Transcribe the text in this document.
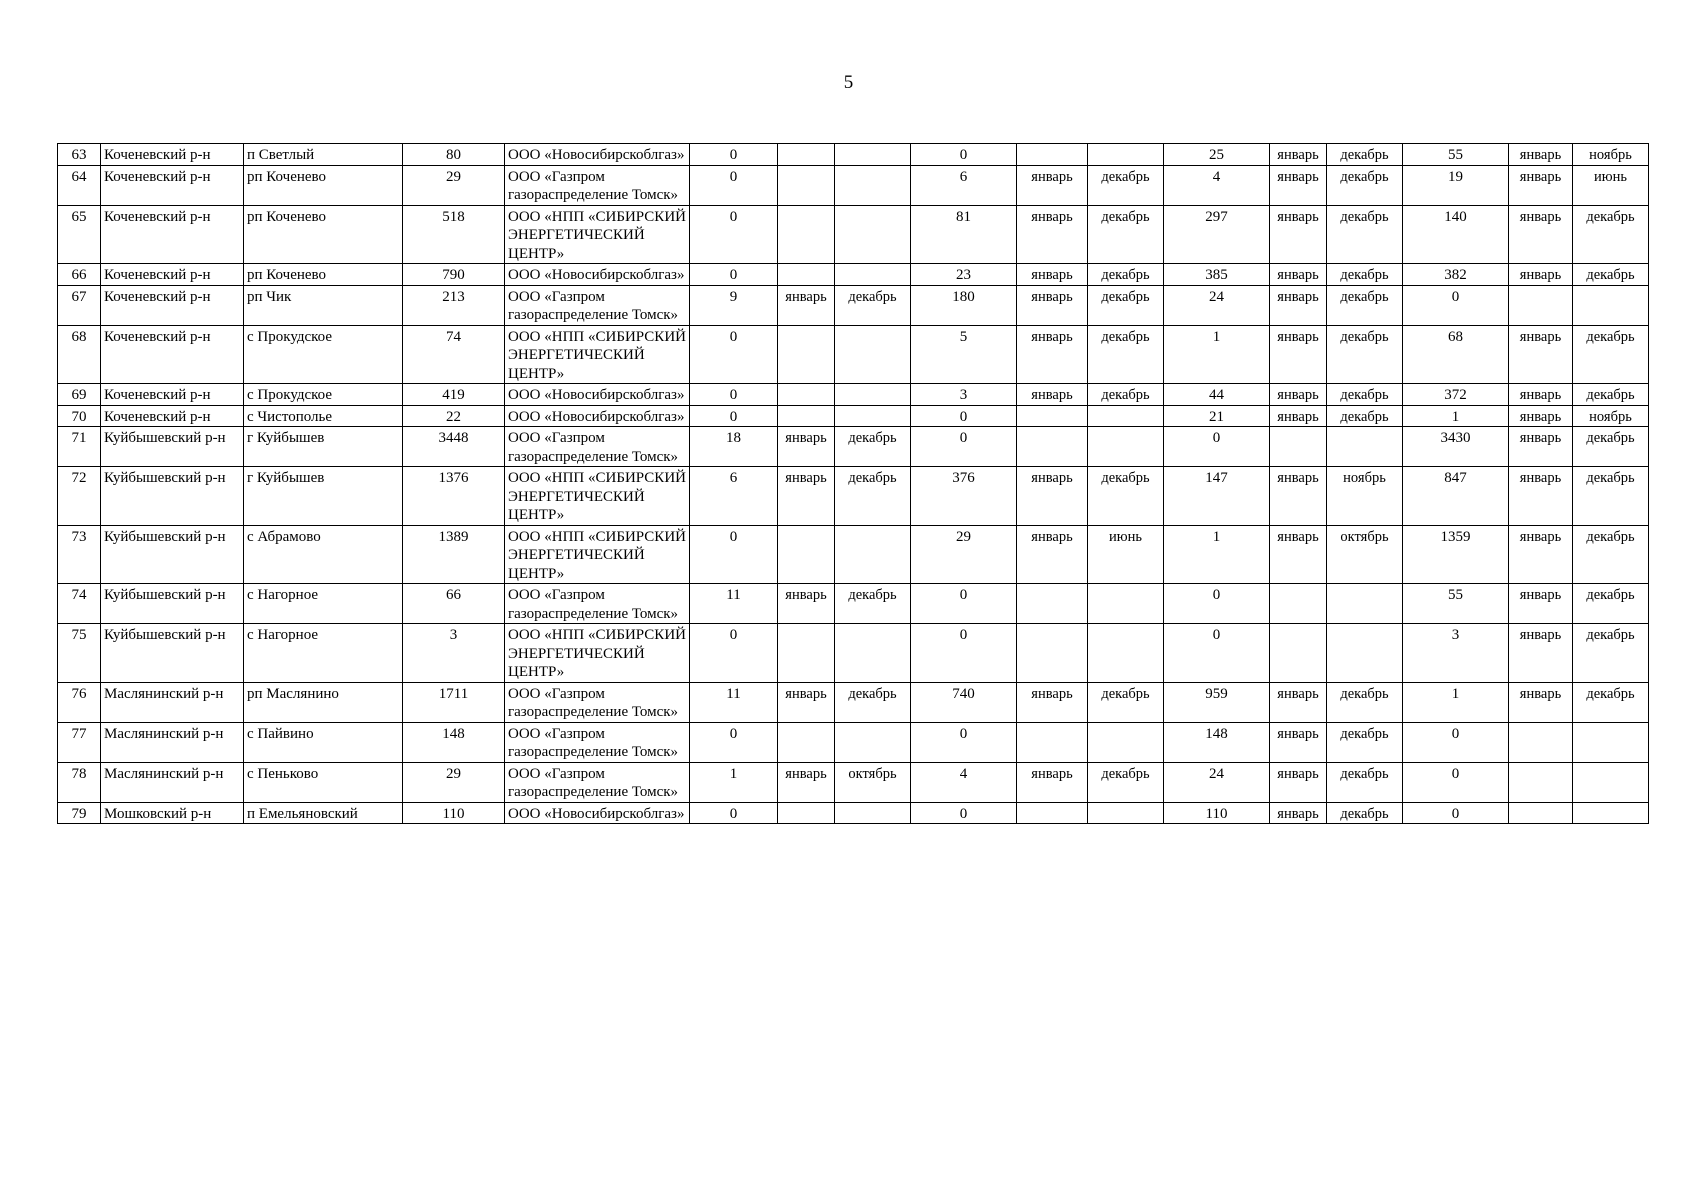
5
63	Коченевский р-н	п Светлый	80	ООО «Новосибирскоблгаз»	0			0			25	январь	декабрь	55	январь	ноябрь
64	Коченевский р-н	рп Коченево	29	ООО «Газпром газораспределение Томск»	0			6	январь	декабрь	4	январь	декабрь	19	январь	июнь
65	Коченевский р-н	рп Коченево	518	ООО «НПП «СИБИРСКИЙ ЭНЕРГЕТИЧЕСКИЙ ЦЕНТР»	0			81	январь	декабрь	297	январь	декабрь	140	январь	декабрь
66	Коченевский р-н	рп Коченево	790	ООО «Новосибирскоблгаз»	0			23	январь	декабрь	385	январь	декабрь	382	январь	декабрь
67	Коченевский р-н	рп Чик	213	ООО «Газпром газораспределение Томск»	9	январь	декабрь	180	январь	декабрь	24	январь	декабрь	0		
68	Коченевский р-н	с Прокудское	74	ООО «НПП «СИБИРСКИЙ ЭНЕРГЕТИЧЕСКИЙ ЦЕНТР»	0			5	январь	декабрь	1	январь	декабрь	68	январь	декабрь
69	Коченевский р-н	с Прокудское	419	ООО «Новосибирскоблгаз»	0			3	январь	декабрь	44	январь	декабрь	372	январь	декабрь
70	Коченевский р-н	с Чистополье	22	ООО «Новосибирскоблгаз»	0			0			21	январь	декабрь	1	январь	ноябрь
71	Куйбышевский р-н	г Куйбышев	3448	ООО «Газпром газораспределение Томск»	18	январь	декабрь	0			0			3430	январь	декабрь
72	Куйбышевский р-н	г Куйбышев	1376	ООО «НПП «СИБИРСКИЙ ЭНЕРГЕТИЧЕСКИЙ ЦЕНТР»	6	январь	декабрь	376	январь	декабрь	147	январь	ноябрь	847	январь	декабрь
73	Куйбышевский р-н	с Абрамово	1389	ООО «НПП «СИБИРСКИЙ ЭНЕРГЕТИЧЕСКИЙ ЦЕНТР»	0			29	январь	июнь	1	январь	октябрь	1359	январь	декабрь
74	Куйбышевский р-н	с Нагорное	66	ООО «Газпром газораспределение Томск»	11	январь	декабрь	0			0			55	январь	декабрь
75	Куйбышевский р-н	с Нагорное	3	ООО «НПП «СИБИРСКИЙ ЭНЕРГЕТИЧЕСКИЙ ЦЕНТР»	0			0			0			3	январь	декабрь
76	Маслянинский р-н	рп Маслянино	1711	ООО «Газпром газораспределение Томск»	11	январь	декабрь	740	январь	декабрь	959	январь	декабрь	1	январь	декабрь
77	Маслянинский р-н	с Пайвино	148	ООО «Газпром газораспределение Томск»	0			0			148	январь	декабрь	0		
78	Маслянинский р-н	с Пеньково	29	ООО «Газпром газораспределение Томск»	1	январь	октябрь	4	январь	декабрь	24	январь	декабрь	0		
79	Мошковский р-н	п Емельяновский	110	ООО «Новосибирскоблгаз»	0			0			110	январь	декабрь	0		
